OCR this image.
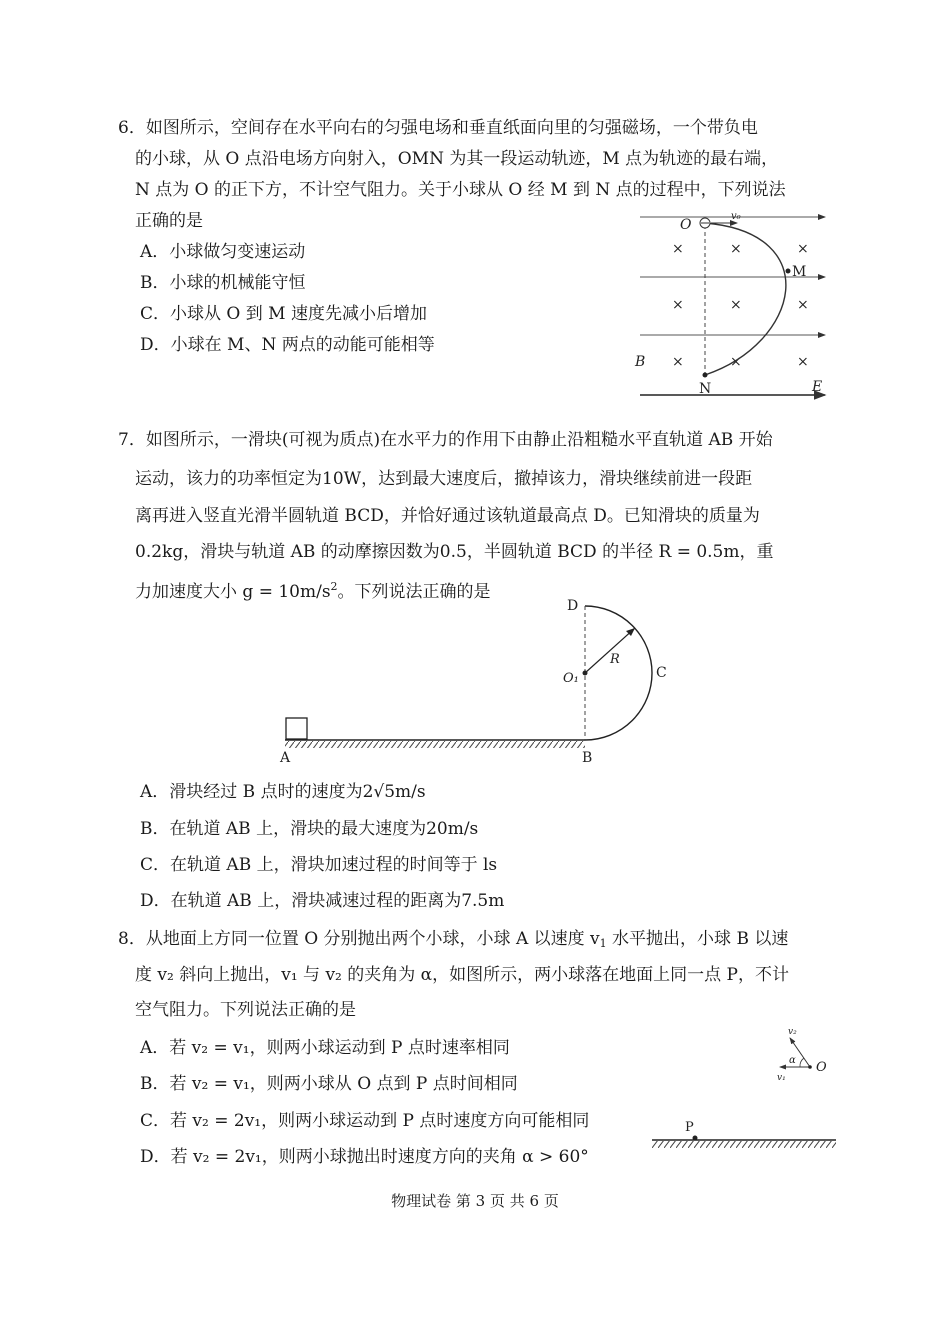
6．如图所示，空间存在水平向右的匀强电场和垂直纸面向里的匀强磁场，一个带负电
的小球，从 O 点沿电场方向射入，OMN 为其一段运动轨迹，M 点为轨迹的最右端，
N 点为 O 的正下方，不计空气阻力。关于小球从 O 经 M 到 N 点的过程中，下列说法
正确的是
A．小球做匀变速运动
B．小球的机械能守恒
C．小球从 O 到 M 速度先减小后增加
D．小球在 M、N 两点的动能可能相等
×	×	×
×	×	×
×	×	×
O
v₀
M
N
B
E
7．如图所示，一滑块(可视为质点)在水平力的作用下由静止沿粗糙水平直轨道 AB 开始
运动，该力的功率恒定为10W，达到最大速度后，撤掉该力，滑块继续前进一段距
离再进入竖直光滑半圆轨道 BCD，并恰好通过该轨道最高点 D。已知滑块的质量为
0.2kg，滑块与轨道 AB 的动摩擦因数为0.5，半圆轨道 BCD 的半径 R = 0.5m，重
力加速度大小 $g = 10m/s^2$。下列说法正确的是
A	B
C
D
O₁
R
A．滑块经过 B 点时的速度为2√5m/s
B．在轨道 AB 上，滑块的最大速度为20m/s
C．在轨道 AB 上，滑块加速过程的时间等于 ls
D．在轨道 AB 上，滑块减速过程的距离为7.5m
8．从地面上方同一位置 O 分别抛出两个小球，小球 A 以速度 $v_1$ 水平抛出，小球 B 以速
度 v₂ 斜向上抛出，v₁ 与 v₂ 的夹角为 α，如图所示，两小球落在地面上同一点 P，不计
空气阻力。下列说法正确的是
A．若 v₂ = v₁，则两小球运动到 P 点时速率相同
B．若 v₂ = v₁，则两小球从 O 点到 P 点时间相同
C．若 v₂ = 2v₁，则两小球运动到 P 点时速度方向可能相同
D．若 v₂ = 2v₁，则两小球抛出时速度方向的夹角 α > 60°
v₂
α
v₁
O
P
物理试卷 第 3 页 共 6 页
